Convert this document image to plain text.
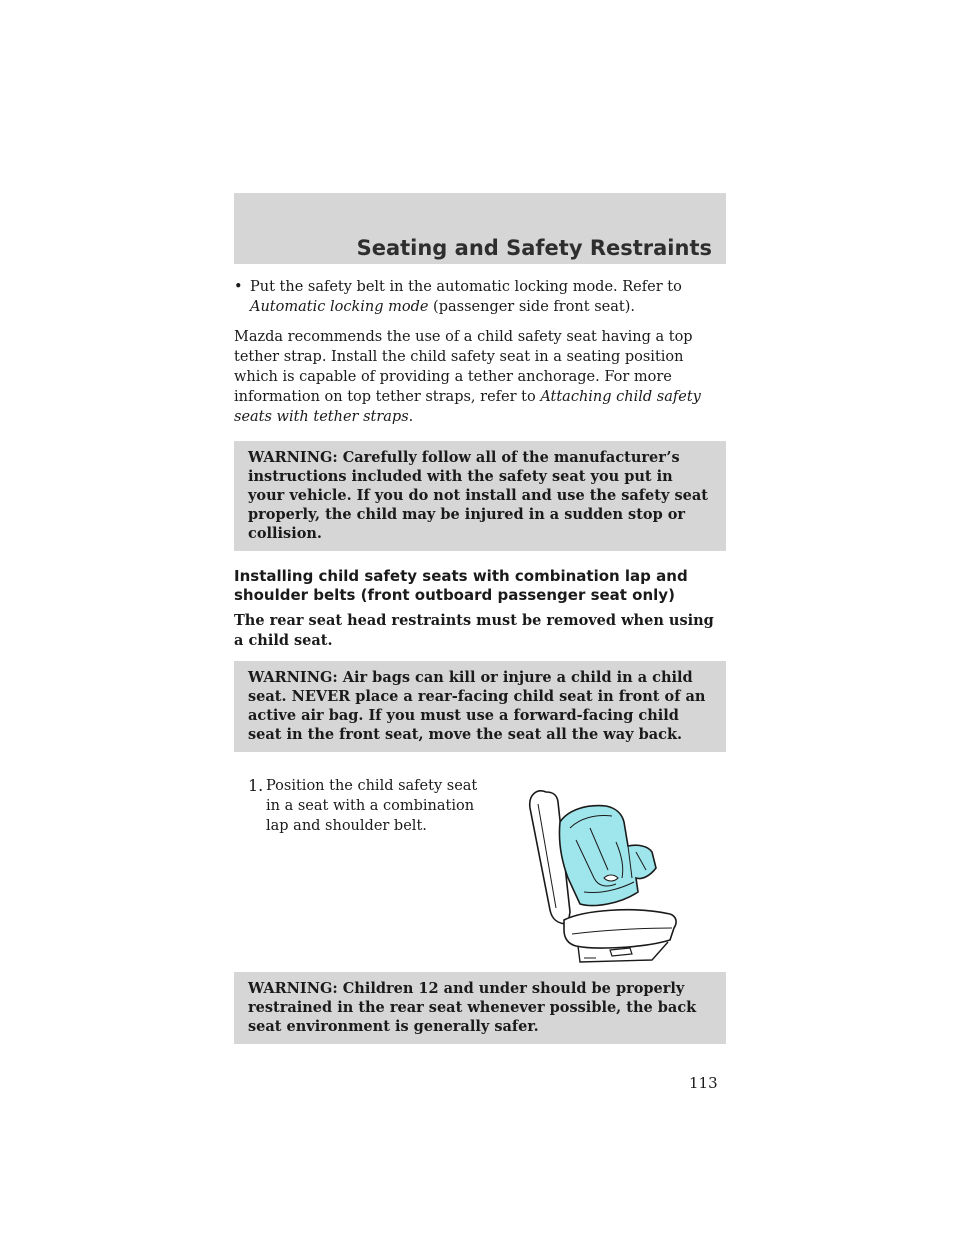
Seating and Safety Restraints

• Put the safety belt in the automatic locking mode. Refer to Automatic locking mode (passenger side front seat).

Mazda recommends the use of a child safety seat having a top tether strap. Install the child safety seat in a seating position which is capable of providing a tether anchorage. For more information on top tether straps, refer to Attaching child safety seats with tether straps.

WARNING: Carefully follow all of the manufacturer’s instructions included with the safety seat you put in your vehicle. If you do not install and use the safety seat properly, the child may be injured in a sudden stop or collision.

Installing child safety seats with combination lap and shoulder belts (front outboard passenger seat only)

The rear seat head restraints must be removed when using a child seat.

WARNING: Air bags can kill or injure a child in a child seat. NEVER place a rear-facing child seat in front of an active air bag. If you must use a forward-facing child seat in the front seat, move the seat all the way back.

1. Position the child safety seat in a seat with a combination lap and shoulder belt.

WARNING: Children 12 and under should be properly restrained in the rear seat whenever possible, the back seat environment is generally safer.

113
